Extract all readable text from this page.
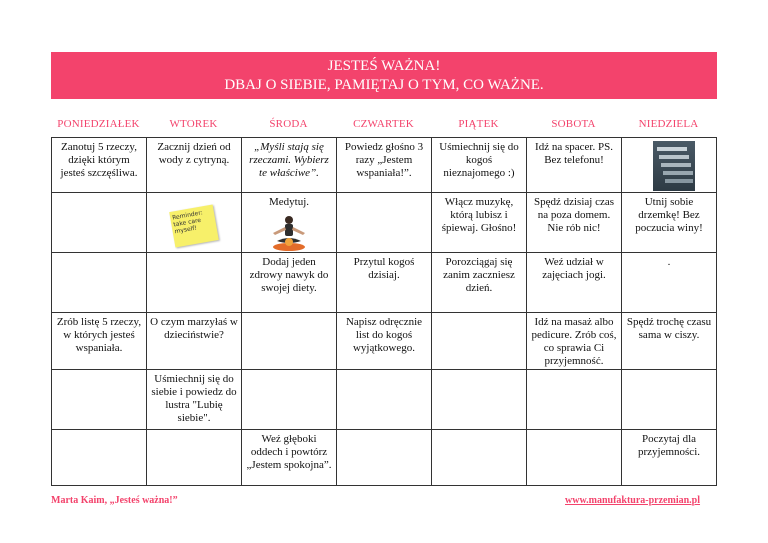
JESTEŚ WAŻNA!
DBAJ O SIEBIE, PAMIĘTAJ O TYM, CO WAŻNE.
PONIEDZIAŁEK	WTOREK	ŚRODA	CZWARTEK	PIĄTEK	SOBOTA	NIEDZIELA
Zanotuj 5 rzeczy, dzięki którym jesteś szczęśliwa.	Zacznij dzień od wody z cytryną.	„Myśli stają się rzeczami. Wybierz te właściwe”.	Powiedz głośno 3 razy „Jestem wspaniała!”.	Uśmiechnij się do kogoś nieznajomego :)	Idź na spacer. PS. Bez telefonu!	

	Reminder: take care myself!	Medytuj.		Włącz muzykę, którą lubisz i śpiewaj. Głośno!	Spędź dzisiaj czas na poza domem. Nie rób nic!	Utnij sobie drzemkę! Bez poczucia winy!
		Dodaj jeden zdrowy nawyk do swojej diety.	Przytul kogoś dzisiaj.	Porozciągaj się zanim zaczniesz dzień.	Weź udział w zajęciach jogi.	.
Zrób listę 5 rzeczy, w których jesteś wspaniała.	O czym marzyłaś w dzieciństwie?		Napisz odręcznie list do kogoś wyjątkowego.		Idź na masaż albo pedicure. Zrób coś, co sprawia Ci przyjemność.	Spędź trochę czasu sama w ciszy.
	Uśmiechnij się do siebie i powiedz do lustra "Lubię siebie".					
		Weź głęboki oddech i powtórz „Jestem spokojna”.				Poczytaj dla przyjemności.
Marta Kaim, „Jesteś ważna!”	www.manufaktura-przemian.pl
